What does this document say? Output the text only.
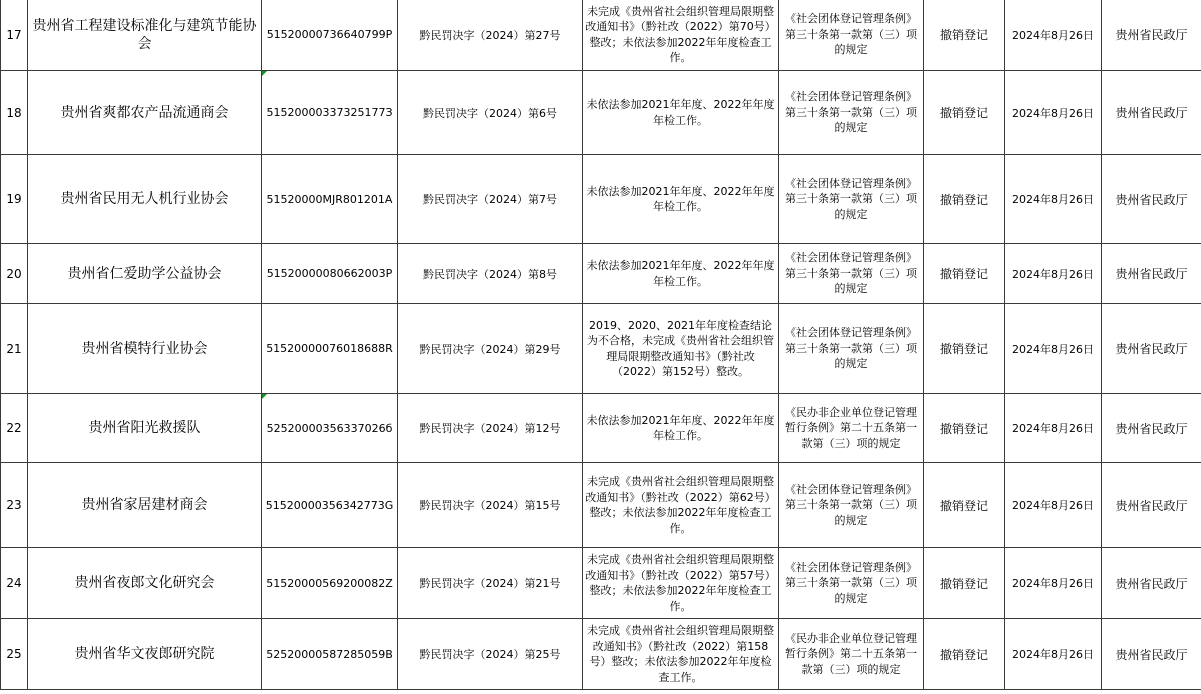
17	贵州省工程建设标准化与建筑节能协会	51520000736640799P	黔民罚决字（2024）第27号	未完成《贵州省社会组织管理局限期整改通知书》（黔社改（2022）第70号）整改；未依法参加2022年年度检查工作。	《社会团体登记管理条例》第三十条第一款第（三）项的规定	撤销登记	2024年8月26日	贵州省民政厅
18	贵州省爽都农产品流通商会	51520000337325177З	黔民罚决字（2024）第6号	未依法参加2021年年度、2022年年度年检工作。	《社会团体登记管理条例》第三十条第一款第（三）项的规定	撤销登记	2024年8月26日	贵州省民政厅
19	贵州省民用无人机行业协会	51520000MJR801201A	黔民罚决字（2024）第7号	未依法参加2021年年度、2022年年度年检工作。	《社会团体登记管理条例》第三十条第一款第（三）项的规定	撤销登记	2024年8月26日	贵州省民政厅
20	贵州省仁爱助学公益协会	51520000080662003P	黔民罚决字（2024）第8号	未依法参加2021年年度、2022年年度年检工作。	《社会团体登记管理条例》第三十条第一款第（三）项的规定	撤销登记	2024年8月26日	贵州省民政厅
21	贵州省模特行业协会	51520000076018688R	黔民罚决字（2024）第29号	2019、2020、2021年年度检查结论为不合格，未完成《贵州省社会组织管理局限期整改通知书》（黔社改（2022）第152号）整改。	《社会团体登记管理条例》第三十条第一款第（三）项的规定	撤销登记	2024年8月26日	贵州省民政厅
22	贵州省阳光救援队	52520000356337026б	黔民罚决字（2024）第12号	未依法参加2021年年度、2022年年度年检工作。	《民办非企业单位登记管理暂行条例》第二十五条第一款第（三）项的规定	撤销登记	2024年8月26日	贵州省民政厅
23	贵州省家居建材商会	51520000356342773G	黔民罚决字（2024）第15号	未完成《贵州省社会组织管理局限期整改通知书》（黔社改（2022）第62号）整改；未依法参加2022年年度检查工作。	《社会团体登记管理条例》第三十条第一款第（三）项的规定	撤销登记	2024年8月26日	贵州省民政厅
24	贵州省夜郎文化研究会	51520000569200082Z	黔民罚决字（2024）第21号	未完成《贵州省社会组织管理局限期整改通知书》（黔社改（2022）第57号）整改；未依法参加2022年年度检查工作。	《社会团体登记管理条例》第三十条第一款第（三）项的规定	撤销登记	2024年8月26日	贵州省民政厅
25	贵州省华文夜郎研究院	52520000587285059B	黔民罚决字（2024）第25号	未完成《贵州省社会组织管理局限期整改通知书》（黔社改（2022）第158号）整改；未依法参加2022年年度检查工作。	《民办非企业单位登记管理暂行条例》第二十五条第一款第（三）项的规定	撤销登记	2024年8月26日	贵州省民政厅
